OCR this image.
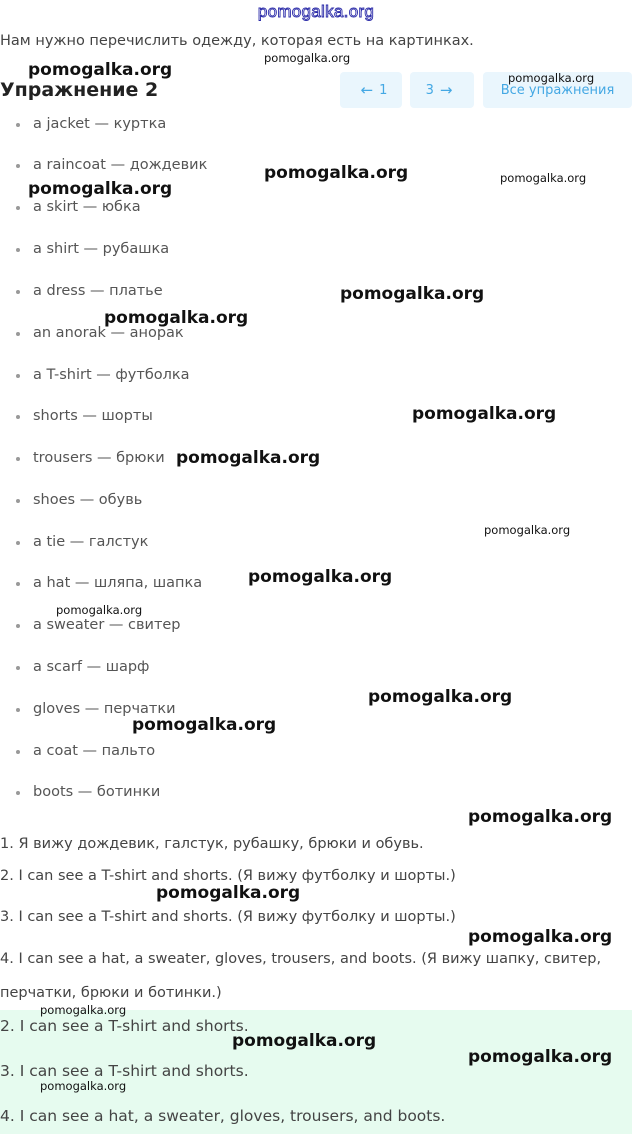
pomogalka.org
Нам нужно перечислить одежду, которая есть на картинках.
Упражнение 2	← 1	3 →	Все упражнения
a jacket — куртка
a raincoat — дождевик
a skirt — юбка
a shirt — рубашка
a dress — платье
an anorak — анорак
a T-shirt — футболка
shorts — шорты
trousers — брюки
shoes — обувь
a tie — галстук
a hat — шляпа, шапка
a sweater — свитер
a scarf — шарф
gloves — перчатки
a coat — пальто
boots — ботинки
1. Я вижу дождевик, галстук, рубашку, брюки и обувь.
2. I can see a T-shirt and shorts. (Я вижу футболку и шорты.)
3. I can see a T-shirt and shorts. (Я вижу футболку и шорты.)
4. I can see a hat, a sweater, gloves, trousers, and boots. (Я вижу шапку, свитер,
перчатки, брюки и ботинки.)
2. I can see a T-shirt and shorts.
3. I can see a T-shirt and shorts.
4. I can see a hat, a sweater, gloves, trousers, and boots.
pomogalka.org
pomogalka.org	pomogalka.org
pomogalka.org	pomogalka.org
pomogalka.org
pomogalka.org
pomogalka.org
pomogalka.org
pomogalka.org
pomogalka.org
pomogalka.org
pomogalka.org
pomogalka.org
pomogalka.org
pomogalka.org
pomogalka.org
pomogalka.org
pomogalka.org
pomogalka.org
pomogalka.org
pomogalka.org
